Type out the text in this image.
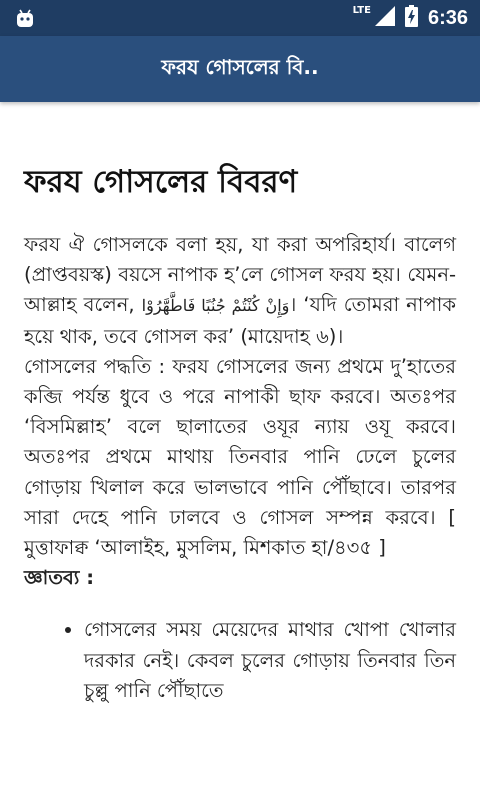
LTE	6:36
ফরয গোসলের বি..
ফরয গোসলের বিবরণ

ফরয ঐ গোসলকে বলা হয়, যা করা অপরিহার্য। বালেগ (প্রাপ্তবয়স্ক) বয়সে নাপাক হ’লে গোসল ফরয হয়। যেমন- আল্লাহ বলেন, وَإِنْ كُنْتُمْ جُنُبًا فَاطَّهَّرُوْا। ‘যদি তোমরা নাপাক হয়ে থাক, তবে গোসল কর’ (মায়েদাহ ৬)।

গোসলের পদ্ধতি : ফরয গোসলের জন্য প্রথমে দু’হাতের কব্জি পর্যন্ত ধুবে ও পরে নাপাকী ছাফ করবে। অতঃপর ‘বিসমিল্লাহ’ বলে ছালাতের ওযূর ন্যায় ওযূ করবে। অতঃপর প্রথমে মাথায় তিনবার পানি ঢেলে চুলের গোড়ায় খিলাল করে ভালভাবে পানি পৌঁছাবে। তারপর সারা দেহে পানি ঢালবে ও গোসল সম্পন্ন করবে। [ মুত্তাফাক্ব ‘আলাইহ, মুসলিম, মিশকাত হা/৪৩৫ ]

জ্ঞাতব্য :

• গোসলের সময় মেয়েদের মাথার খোপা খোলার দরকার নেই। কেবল চুলের গোড়ায় তিনবার তিন চুল্লু পানি পৌঁছাতে
